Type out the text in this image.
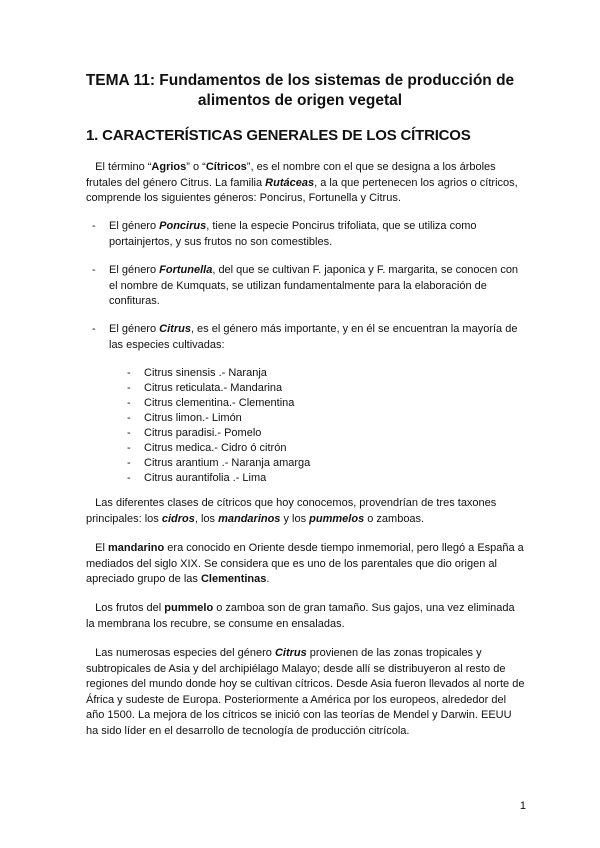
TEMA 11: Fundamentos de los sistemas de producción de
alimentos de origen vegetal
1. CARACTERÍSTICAS GENERALES DE LOS CÍTRICOS

El término “Agrios” o “Cítricos”, es el nombre con el que se designa a los árboles frutales del género Citrus. La familia Rutáceas, a la que pertenecen los agrios o cítricos, comprende los siguientes géneros: Poncirus, Fortunella y Citrus.

- El género Poncirus, tiene la especie Poncirus trifoliata, que se utiliza como portainjertos, y sus frutos no son comestibles.
- El género Fortunella, del que se cultivan F. japonica y F. margarita, se conocen con el nombre de Kumquats, se utilizan fundamentalmente para la elaboración de confituras.
- El género Citrus, es el género más importante, y en él se encuentran la mayoría de las especies cultivadas:
- Citrus sinensis .- Naranja
- Citrus reticulata.- Mandarina
- Citrus clementina.- Clementina
- Citrus limon.- Limón
- Citrus paradisi.- Pomelo
- Citrus medica.- Cidro ó citrón
- Citrus arantium .- Naranja amarga
- Citrus aurantifolia .- Lima

Las diferentes clases de cítricos que hoy conocemos, provendrían de tres taxones principales: los cidros, los mandarinos y los pummelos o zamboas.

El mandarino era conocido en Oriente desde tiempo inmemorial, pero llegó a España a mediados del siglo XIX. Se considera que es uno de los parentales que dio origen al apreciado grupo de las Clementinas.

Los frutos del pummelo o zamboa son de gran tamaño. Sus gajos, una vez eliminada la membrana los recubre, se consume en ensaladas.

Las numerosas especies del género Citrus provienen de las zonas tropicales y subtropicales de Asia y del archipiélago Malayo; desde allí se distribuyeron al resto de regiones del mundo donde hoy se cultivan cítricos. Desde Asia fueron llevados al norte de África y sudeste de Europa. Posteriormente a América por los europeos, alrededor del año 1500. La mejora de los cítricos se inició con las teorías de Mendel y Darwin. EEUU ha sido líder en el desarrollo de tecnología de producción citrícola.

1
